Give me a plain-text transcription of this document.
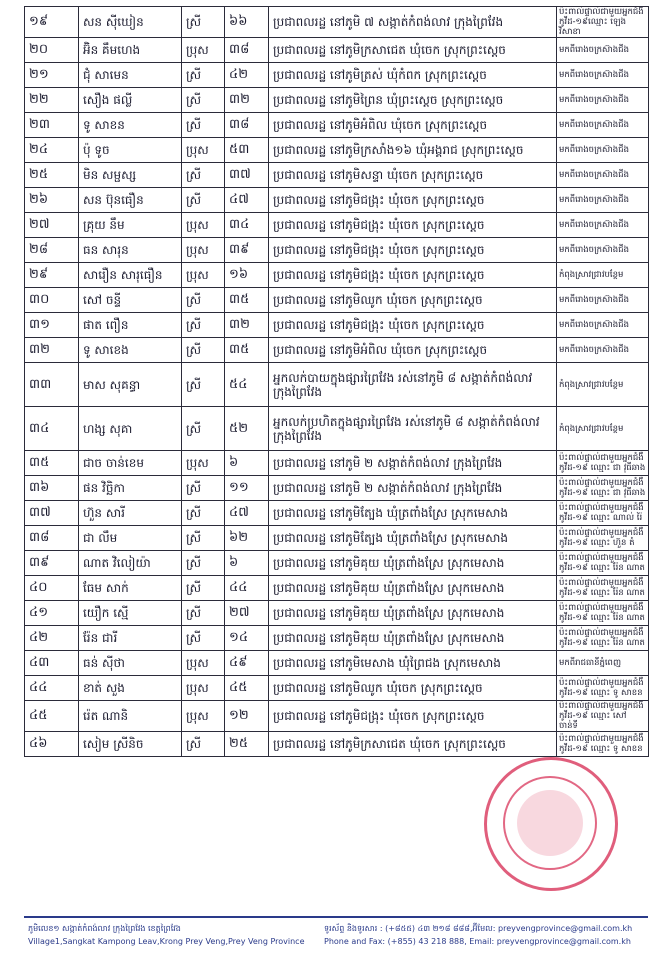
១៩	សន ស៊ីឃៀន	ស្រី	៦៦	ប្រជាពលរដ្ឋ នៅភូមិ ៧ សង្កាត់កំពង់លាវ ក្រុងព្រៃវែង	ប៉ះពាល់ផ្ទាល់ជាមួយអ្នកជំងឺ
កូវីដ-១៩ឈ្មោះ ឡេង វិសាខា

២០	អ៊ិន គឹមហេង	ប្រុស	៣៨	ប្រជាពលរដ្ឋ នៅភូមិក្រសាជេត ឃុំចេក ស្រុកព្រះស្តេច	មកពីរោងចក្រស៊ាងជីង

២១	ជុំ សាមេន	ស្រី	៤២	ប្រជាពលរដ្ឋ នៅភូមិត្រស់ ឃុំកំពក ស្រុកព្រះស្តេច	មកពីរោងចក្រស៊ាងជីង

២២	សឿង ផល្លី	ស្រី	៣២	ប្រជាពលរដ្ឋ នៅភូមិព្រៃន ឃុំព្រះស្តេច ស្រុកព្រះស្តេច	មកពីរោងចក្រស៊ាងជីង

២៣	ទូ សាខន	ស្រី	៣៨	ប្រជាពលរដ្ឋ នៅភូមិអំពិល ឃុំចេក ស្រុកព្រះស្តេច	មកពីរោងចក្រស៊ាងជីង

២៤	ប៉ុ ទូច	ប្រុស	៥៣	ប្រជាពលរដ្ឋ នៅភូមិក្រសាំង១៦ ឃុំអង្គរាជ ស្រុកព្រះស្តេច	មកពីរោងចក្រស៊ាងជីង

២៥	មិន សម្ផស្ស	ស្រី	៣៧	ប្រជាពលរដ្ឋ នៅភូមិសន្ទា ឃុំចេក ស្រុកព្រះស្តេច	មកពីរោងចក្រស៊ាងជីង

២៦	សន ប៊ុនធឿន	ស្រី	៤៧	ប្រជាពលរដ្ឋ នៅភូមិជង្រុះ ឃុំចេក ស្រុកព្រះស្តេច	មកពីរោងចក្រស៊ាងជីង

២៧	គ្រុយ នឹម	ប្រុស	៣៤	ប្រជាពលរដ្ឋ នៅភូមិជង្រុះ ឃុំចេក ស្រុកព្រះស្តេច	មកពីរោងចក្រស៊ាងជីង

២៨	ធន សារុន	ប្រុស	៣៩	ប្រជាពលរដ្ឋ នៅភូមិជង្រុះ ឃុំចេក ស្រុកព្រះស្តេច	មកពីរោងចក្រស៊ាងជីង

២៩	សារឿន សារុធឿន	ប្រុស	១៦	ប្រជាពលរដ្ឋ នៅភូមិជង្រុះ ឃុំចេក ស្រុកព្រះស្តេច	កំពុងស្រាវជ្រាវបន្ថែម

៣០	សៅ ចន្ទី	ស្រី	៣៥	ប្រជាពលរដ្ឋ នៅភូមិឈូក ឃុំចេក ស្រុកព្រះស្តេច	មកពីរោងចក្រស៊ាងជីង

៣១	ផាត ពឿន	ស្រី	៣២	ប្រជាពលរដ្ឋ នៅភូមិជង្រុះ ឃុំចេក ស្រុកព្រះស្តេច	មកពីរោងចក្រស៊ាងជីង

៣២	ទូ សាខេង	ស្រី	៣៥	ប្រជាពលរដ្ឋ នៅភូមិអំពិល ឃុំចេក ស្រុកព្រះស្តេច	មកពីរោងចក្រស៊ាងជីង

៣៣	មាស សុគន្ធា	ស្រី	៥៤	អ្នកលក់បាយក្នុងផ្សារព្រៃវែង រស់នៅភូមិ ៨ សង្កាត់កំពង់លាវ ក្រុងព្រៃវែង	កំពុងស្រាវជ្រាវបន្ថែម

៣៤	ហង្ស សុគា	ស្រី	៥២	អ្នកលក់ប្រហិតក្នុងផ្សារព្រៃវែង រស់នៅភូមិ ៨ សង្កាត់កំពង់លាវ ក្រុងព្រៃវែង	កំពុងស្រាវជ្រាវបន្ថែម

៣៥	ជាច ចាន់ខេម	ប្រុស	៦	ប្រជាពលរដ្ឋ នៅភូមិ ២ សង្កាត់កំពង់លាវ ក្រុងព្រៃវែង	ប៉ះពាល់ផ្ទាល់ជាមួយអ្នកជំងឺ
កូវីដ-១៩ ឈ្មោះ ជា វុធីឆាង

៣៦	ផន វិច្ឆិកា	ស្រី	១១	ប្រជាពលរដ្ឋ នៅភូមិ ២ សង្កាត់កំពង់លាវ ក្រុងព្រៃវែង	ប៉ះពាល់ផ្ទាល់ជាមួយអ្នកជំងឺ
កូវីដ-១៩ ឈ្មោះ ជា វុធីឆាង

៣៧	ហ៊ួន សារី	ស្រី	៤៧	ប្រជាពលរដ្ឋ នៅភូមិត្បែង ឃុំត្រពាំងស្រែ ស្រុកមេសាង	ប៉ះពាល់ផ្ទាល់ជាមួយអ្នកជំងឺ
កូវីដ-១៩ ឈ្មោះ ណាល់ រ៉ៃ

៣៨	ជា លឹម	ស្រី	៦២	ប្រជាពលរដ្ឋ នៅភូមិត្បែង ឃុំត្រពាំងស្រែ ស្រុកមេសាង	ប៉ះពាល់ផ្ទាល់ជាមួយអ្នកជំងឺ
កូវីដ-១៩ ឈ្មោះ ហ៊ួន តំ

៣៩	ណាត វិលៀយ៉ា	ស្រី	៦	ប្រជាពលរដ្ឋ នៅភូមិគុយ ឃុំត្រពាំងស្រែ ស្រុកមេសាង	ប៉ះពាល់ផ្ទាល់ជាមួយអ្នកជំងឺ
កូវីដ-១៩ ឈ្មោះ រ៉ែន ណាត

៤០	ធែម សាក់	ស្រី	៤៤	ប្រជាពលរដ្ឋ នៅភូមិគុយ ឃុំត្រពាំងស្រែ ស្រុកមេសាង	ប៉ះពាល់ផ្ទាល់ជាមួយអ្នកជំងឺ
កូវីដ-១៩ ឈ្មោះ រ៉ែន ណាត

៤១	យឿក ស្មើ	ស្រី	២៧	ប្រជាពលរដ្ឋ នៅភូមិគុយ ឃុំត្រពាំងស្រែ ស្រុកមេសាង	ប៉ះពាល់ផ្ទាល់ជាមួយអ្នកជំងឺ
កូវីដ-១៩ ឈ្មោះ រ៉ែន ណាត

៤២	រ៉ែន ជារី	ស្រី	១៤	ប្រជាពលរដ្ឋ នៅភូមិគុយ ឃុំត្រពាំងស្រែ ស្រុកមេសាង	ប៉ះពាល់ផ្ទាល់ជាមួយអ្នកជំងឺ
កូវីដ-១៩ ឈ្មោះ រ៉ែន ណាត

៤៣	ធន់ ស៊ីថា	ប្រុស	៤៩	ប្រជាពលរដ្ឋ នៅភូមិមេសាង ឃុំព្រៃជង ស្រុកមេសាង	មកពីរាជធានីភ្នំពេញ

៤៤	ខាត់ សួង	ប្រុស	៤៥	ប្រជាពលរដ្ឋ នៅភូមិឈូក ឃុំចេក ស្រុកព្រះស្តេច	ប៉ះពាល់ផ្ទាល់ជាមួយអ្នកជំងឺ
កូវីដ-១៩ ឈ្មោះ ទូ សាខន

៤៥	រ៉េត ណានិ	ប្រុស	១២	ប្រជាពលរដ្ឋ នៅភូមិជង្រុះ ឃុំចេក ស្រុកព្រះស្តេច	ប៉ះពាល់ផ្ទាល់ជាមួយអ្នកជំងឺ
កូវីដ-១៩ ឈ្មោះ សៅ ចាន់ទី

៤៦	សៀម ស្រីនិច	ស្រី	២៥	ប្រជាពលរដ្ឋ នៅភូមិក្រសាជេត ឃុំចេក ស្រុកព្រះស្តេច	ប៉ះពាល់ផ្ទាល់ជាមួយអ្នកជំងឺ
កូវីដ-១៩ ឈ្មោះ ទូ សាខន
ភូមិលេខ១ សង្កាត់កំពង់លាវ ក្រុងព្រៃវែង ខេត្តព្រៃវែង
Village1,Sangkat Kampong Leav,Krong Prey Veng,Prey Veng Province
ទូរស័ព្ទ និងទូរសារ : (+៨៥៥) ៤៣ ២១៨ ៨៨៨,អ៊ីមែល: preyvengprovince@gmail.com.kh
Phone and Fax: (+855) 43 218 888, Email: preyvengprovince@gmail.com.kh
